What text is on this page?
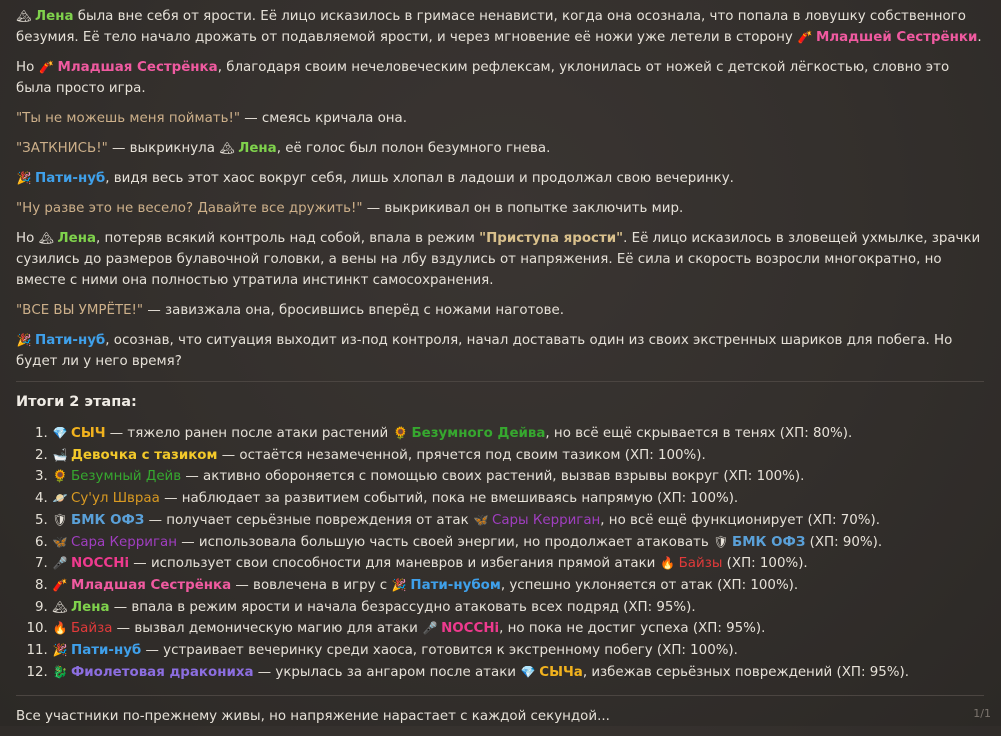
🏔 Лена была вне себя от ярости. Её лицо исказилось в гримасе ненависти, когда она осознала, что попала в ловушку собственного безумия. Её тело начало дрожать от подавляемой ярости, и через мгновение её ножи уже летели в сторону 🧨 Младшей Сестрёнки.

Но 🧨 Младшая Сестрёнка, благодаря своим нечеловеческим рефлексам, уклонилась от ножей с детской лёгкостью, словно это была просто игра.

"Ты не можешь меня поймать!" — смеясь кричала она.

"ЗАТКНИСЬ!" — выкрикнула 🏔 Лена, её голос был полон безумного гнева.

🎉 Пати-нуб, видя весь этот хаос вокруг себя, лишь хлопал в ладоши и продолжал свою вечеринку.

"Ну разве это не весело? Давайте все дружить!" — выкрикивал он в попытке заключить мир.

Но 🏔 Лена, потеряв всякий контроль над собой, впала в режим "Приступа ярости". Её лицо исказилось в зловещей ухмылке, зрачки сузились до размеров булавочной головки, а вены на лбу вздулись от напряжения. Её сила и скорость возросли многократно, но вместе с ними она полностью утратила инстинкт самосохранения.

"ВСЕ ВЫ УМРЁТЕ!" — завизжала она, бросившись вперёд с ножами наготове.

🎉 Пати-нуб, осознав, что ситуация выходит из-под контроля, начал доставать один из своих экстренных шариков для побега. Но будет ли у него время?

Итоги 2 этапа:
1. 💎 СЫЧ — тяжело ранен после атаки растений 🌻 Безумного Дейва, но всё ещё скрывается в тенях (ХП: 80%).
2. 🛁 Девочка с тазиком — остаётся незамеченной, прячется под своим тазиком (ХП: 100%).
3. 🌻 Безумный Дейв — активно обороняется с помощью своих растений, вызвав взрывы вокруг (ХП: 100%).
4. 🪐 Су'ул Швраа — наблюдает за развитием событий, пока не вмешиваясь напрямую (ХП: 100%).
5. 🛡 БМК ОФЗ — получает серьёзные повреждения от атак 🦋 Сары Керриган, но всё ещё функционирует (ХП: 70%).
6. 🦋 Сара Керриган — использовала большую часть своей энергии, но продолжает атаковать 🛡 БМК ОФЗ (ХП: 90%).
7. 🎤 NOCCHi — использует свои способности для маневров и избегания прямой атаки 🔥 Байзы (ХП: 100%).
8. 🧨 Младшая Сестрёнка — вовлечена в игру с 🎉 Пати-нубом, успешно уклоняется от атак (ХП: 100%).
9. 🏔 Лена — впала в режим ярости и начала безрассудно атаковать всех подряд (ХП: 95%).
10. 🔥 Байза — вызвал демоническую магию для атаки 🎤 NOCCHi, но пока не достиг успеха (ХП: 95%).
11. 🎉 Пати-нуб — устраивает вечеринку среди хаоса, готовится к экстренному побегу (ХП: 100%).
12. 🐉 Фиолетовая дракониха — укрылась за ангаром после атаки 💎 СЫЧа, избежав серьёзных повреждений (ХП: 95%).

Все участники по-прежнему живы, но напряжение нарастает с каждой секундой...	1/1
